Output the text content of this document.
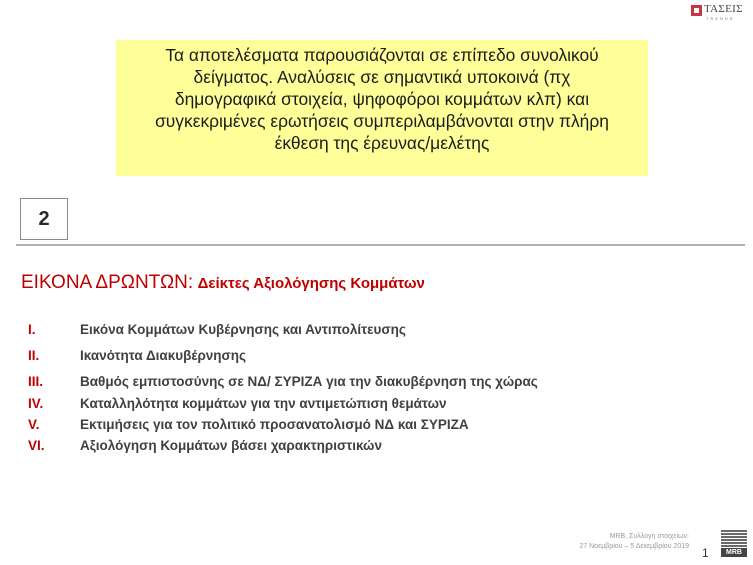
ΤΑΣΕΙΣ
TRENDS
Τα αποτελέσματα παρουσιάζονται σε επίπεδο συνολικού
δείγματος. Αναλύσεις σε σημαντικά υποκοινά (πχ
δημογραφικά στοιχεία, ψηφοφόροι κομμάτων κλπ) και
συγκεκριμένες ερωτήσεις συμπεριλαμβάνονται στην πλήρη
έκθεση της έρευνας/μελέτης
2
ΕΙΚΟΝΑ ΔΡΩΝΤΩΝ: Δείκτες Αξιολόγησης Κομμάτων
I.	Εικόνα Κομμάτων Κυβέρνησης και Αντιπολίτευσης
II.	Ικανότητα Διακυβέρνησης
III.	Βαθμός εμπιστοσύνης σε ΝΔ/ ΣΥΡΙΖΑ για την διακυβέρνηση της χώρας
IV.	Καταλληλότητα κομμάτων για την αντιμετώπιση θεμάτων
V.	Εκτιμήσεις για τον πολιτικό προσανατολισμό ΝΔ και ΣΥΡΙΖΑ
VI.	Αξιολόγηση Κομμάτων βάσει χαρακτηριστικών
MRB, Συλλογή στοιχείων:
27 Νοεμβρίου – 5 Δεκεμβρίου 2019 1	MRB
